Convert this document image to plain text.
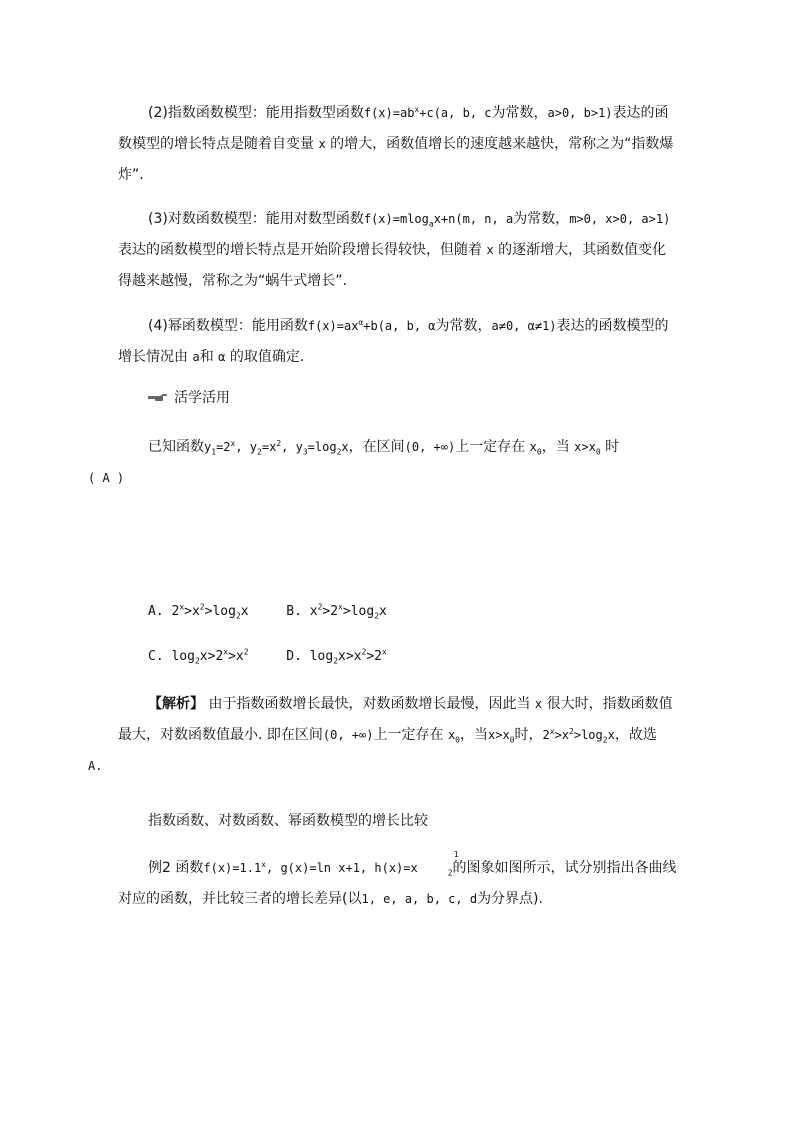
(2)指数函数模型：能用指数型函数$f(x)=ab^x+c(a$, b, c为常数，a>0, b>1)表达的函数模型的增长特点是随着自变量 x 的增大，函数值增长的速度越来越快，常称之为“指数爆炸”.

(3)对数函数模型：能用对数型函数f(x)=mlog$_a$x+n(m, n, a为常数，m>0, x>0, a>1)表达的函数模型的增长特点是开始阶段增长得较快，但随着 x 的逐渐增大，其函数值变化得越来越慢，常称之为“蜗牛式增长”.

(4)幂函数模型：能用函数$f(x)=ax^\alpha+b(a$, b, α为常数，a≠0, α≠1)表达的函数模型的增长情况由 a和 α 的取值确定.

活学活用

已知函数$y_1=2^x$, $y_2=x^2$, $y_3=\log_2x$，在区间(0, +∞)上一定存在 $x_0$，当 $x>x_0$ 时
( A )

A. $2^x>x^2>\log_2x$	B. $x^2>2^x>\log_2x$
C. $\log_2x>2^x>x^2$	D. $\log_2x>x^2>2^x$

【解析】 由于指数函数增长最快，对数函数增长最慢，因此当 x 很大时，指数函数值最大，对数函数值最小. 即在区间(0, +∞)上一定存在 $x_0$，当$x>x_0$时，$2^x>x^2>\log_2x$，故选
A.

指数函数、对数函数、幂函数模型的增长比较

例2 函数$f(x)=1.1^x$, g(x)=ln x+1, h(x)=x
1
$_2$的图象如图所示，试分别指出各曲线对应的函数，并比较三者的增长差异(以1, e, a, b, c, d为分界点).
